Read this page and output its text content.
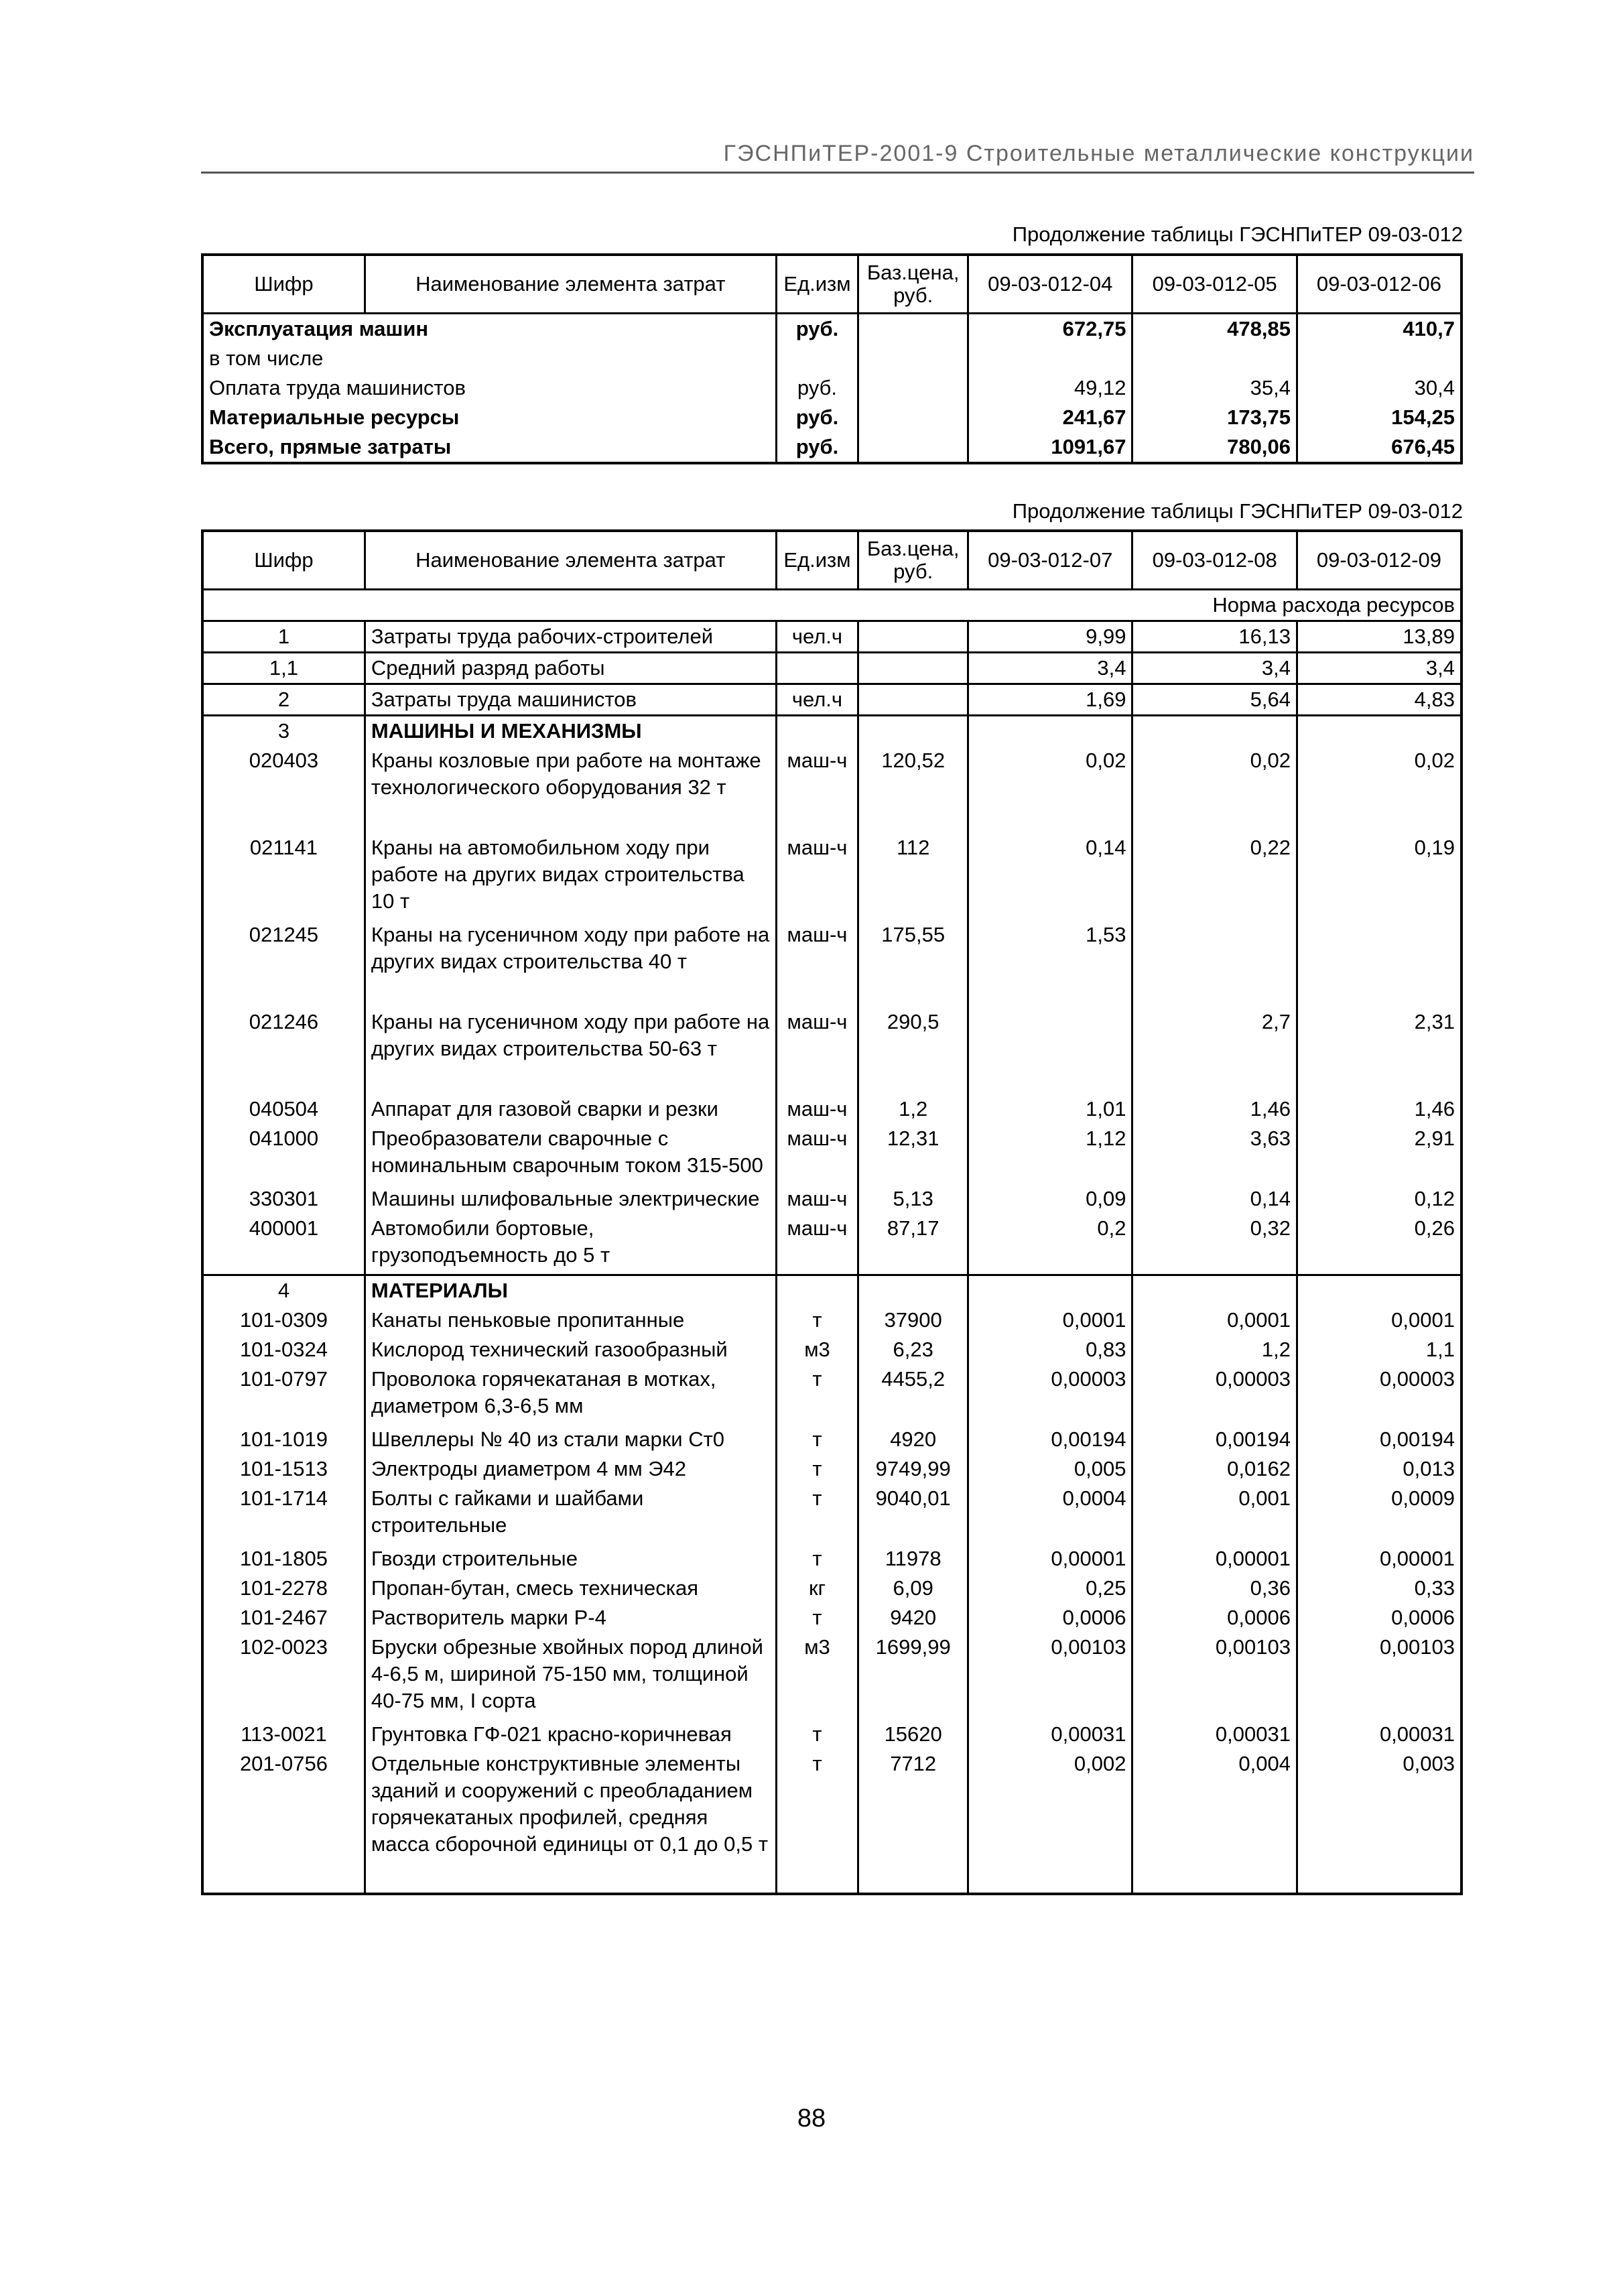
ГЭСНПиТЕР-2001-9 Строительные металлические конструкции
Продолжение таблицы ГЭСНПиТЕР 09-03-012
Шифр	Наименование элемента затрат	Ед.изм	Баз.цена, руб.	09-03-012-04	09-03-012-05	09-03-012-06
Эксплуатация машин		руб.		672,75	478,85	410,7
в том числе						
Оплата труда машинистов		руб.		49,12	35,4	30,4
Материальные ресурсы		руб.		241,67	173,75	154,25
Всего, прямые затраты		руб.		1091,67	780,06	676,45
Продолжение таблицы ГЭСНПиТЕР 09-03-012
Шифр	Наименование элемента затрат	Ед.изм	Баз.цена, руб.	09-03-012-07	09-03-012-08	09-03-012-09
Норма расхода ресурсов						
1	Затраты труда рабочих-строителей	чел.ч		9,99	16,13	13,89
1,1	Средний разряд работы			3,4	3,4	3,4
2	Затраты труда машинистов	чел.ч		1,69	5,64	4,83
3	МАШИНЫ И МЕХАНИЗМЫ					
020403	Краны козловые при работе на монтаже технологического оборудования 32 т	маш-ч	120,52	0,02	0,02	0,02
021141	Краны на автомобильном ходу при работе на других видах строительства 10 т	маш-ч	112	0,14	0,22	0,19
021245	Краны на гусеничном ходу при работе на других видах строительства 40 т	маш-ч	175,55	1,53		
021246	Краны на гусеничном ходу при работе на других видах строительства 50-63 т	маш-ч	290,5		2,7	2,31
040504	Аппарат для газовой сварки и резки	маш-ч	1,2	1,01	1,46	1,46
041000	Преобразователи сварочные с номинальным сварочным током 315-500	маш-ч	12,31	1,12	3,63	2,91
330301	Машины шлифовальные электрические	маш-ч	5,13	0,09	0,14	0,12
400001	Автомобили бортовые, грузоподъемность до 5 т	маш-ч	87,17	0,2	0,32	0,26
4	МАТЕРИАЛЫ					
101-0309	Канаты пеньковые пропитанные	т	37900	0,0001	0,0001	0,0001
101-0324	Кислород технический газообразный	м3	6,23	0,83	1,2	1,1
101-0797	Проволока горячекатаная в мотках, диаметром 6,3-6,5 мм	т	4455,2	0,00003	0,00003	0,00003
101-1019	Швеллеры № 40 из стали марки Ст0	т	4920	0,00194	0,00194	0,00194
101-1513	Электроды диаметром 4 мм Э42	т	9749,99	0,005	0,0162	0,013
101-1714	Болты с гайками и шайбами строительные	т	9040,01	0,0004	0,001	0,0009
101-1805	Гвозди строительные	т	11978	0,00001	0,00001	0,00001
101-2278	Пропан-бутан, смесь техническая	кг	6,09	0,25	0,36	0,33
101-2467	Растворитель марки Р-4	т	9420	0,0006	0,0006	0,0006
102-0023	Бруски обрезные хвойных пород длиной 4-6,5 м, шириной 75-150 мм, толщиной 40-75 мм, I сорта	м3	1699,99	0,00103	0,00103	0,00103
113-0021	Грунтовка ГФ-021 красно-коричневая	т	15620	0,00031	0,00031	0,00031
201-0756	Отдельные конструктивные элементы зданий и сооружений с преобладанием горячекатаных профилей, средняя масса сборочной единицы от 0,1 до 0,5 т	т	7712	0,002	0,004	0,003

88
